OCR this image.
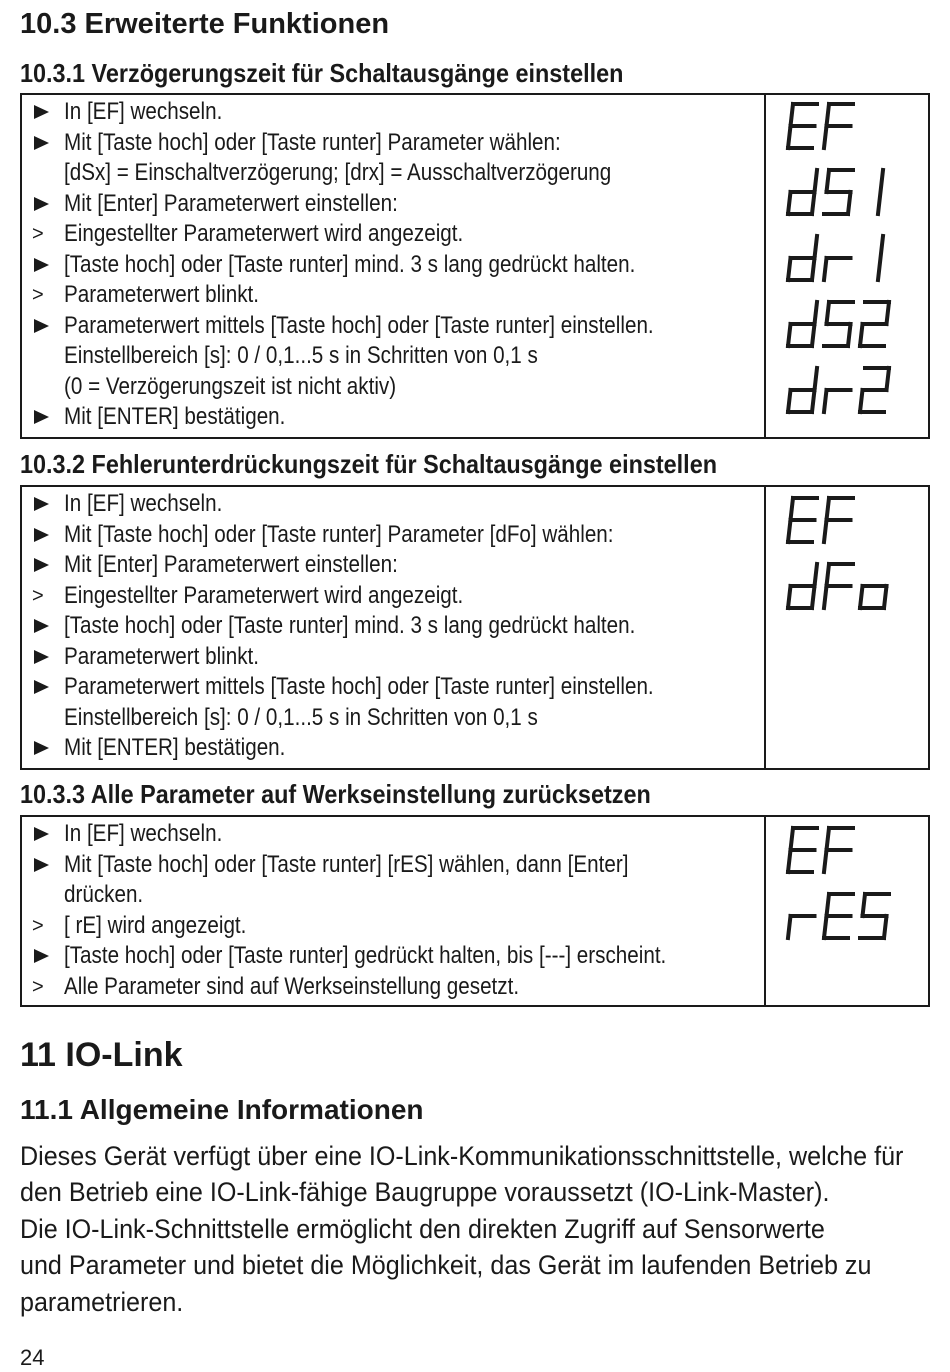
10.3 Erweiterte Funktionen
10.3.1 Verzögerungszeit für Schaltausgänge einstellen
In [EF] wechseln.
Mit [Taste hoch] oder [Taste runter] Parameter wählen:
[dSx] = Einschaltverzögerung; [drx] = Ausschaltverzögerung
Mit [Enter] Parameterwert einstellen:
> Eingestellter Parameterwert wird angezeigt.
[Taste hoch] oder [Taste runter] mind. 3 s lang gedrückt halten.
> Parameterwert blinkt.
Parameterwert mittels [Taste hoch] oder [Taste runter] einstellen.
Einstellbereich [s]: 0 / 0,1...5 s in Schritten von 0,1 s
(0 = Verzögerungszeit ist nicht aktiv)
Mit [ENTER] bestätigen.
10.3.2 Fehlerunterdrückungszeit für Schaltausgänge einstellen
In [EF] wechseln.
Mit [Taste hoch] oder [Taste runter] Parameter [dFo] wählen:
Mit [Enter] Parameterwert einstellen:
> Eingestellter Parameterwert wird angezeigt.
[Taste hoch] oder [Taste runter] mind. 3 s lang gedrückt halten.
Parameterwert blinkt.
Parameterwert mittels [Taste hoch] oder [Taste runter] einstellen.
Einstellbereich [s]: 0 / 0,1...5 s in Schritten von 0,1 s
Mit [ENTER] bestätigen.
10.3.3 Alle Parameter auf Werkseinstellung zurücksetzen
In [EF] wechseln.
Mit [Taste hoch] oder [Taste runter] [rES] wählen, dann [Enter]
drücken.
> [ rE] wird angezeigt.
[Taste hoch] oder [Taste runter] gedrückt halten, bis [---] erscheint.
> Alle Parameter sind auf Werkseinstellung gesetzt.
11 IO-Link
11.1 Allgemeine Informationen
Dieses Gerät verfügt über eine IO-Link-Kommunikationsschnittstelle, welche für
den Betrieb eine IO-Link-fähige Baugruppe voraussetzt (IO-Link-Master).
Die IO-Link-Schnittstelle ermöglicht den direkten Zugriff auf Sensorwerte
und Parameter und bietet die Möglichkeit, das Gerät im laufenden Betrieb zu
parametrieren.
24
